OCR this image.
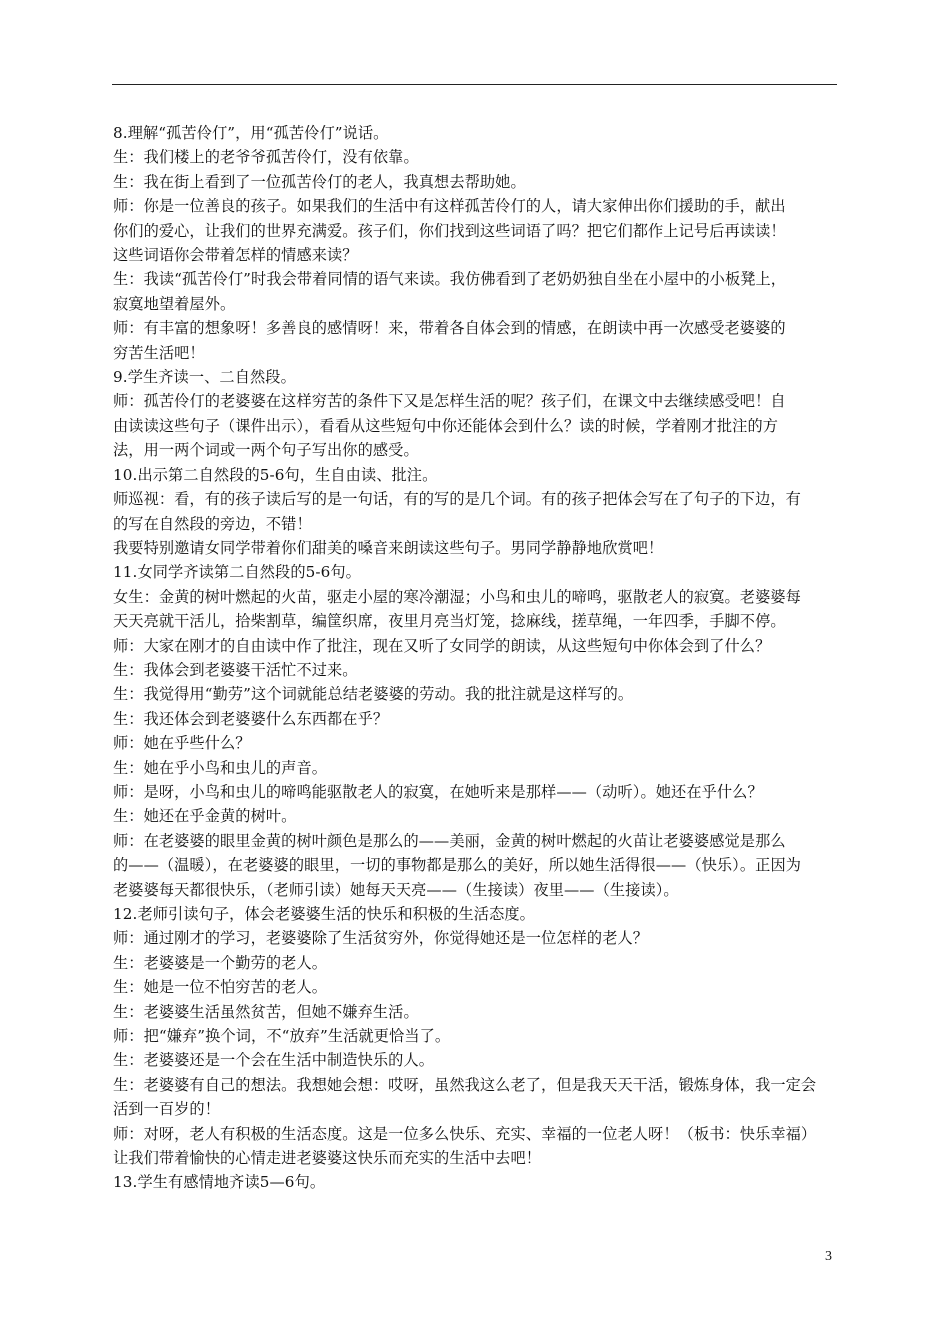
8.理解“孤苦伶仃”，用“孤苦伶仃”说话。
生：我们楼上的老爷爷孤苦伶仃，没有依靠。
生：我在街上看到了一位孤苦伶仃的老人，我真想去帮助她。
师：你是一位善良的孩子。如果我们的生活中有这样孤苦伶仃的人，请大家伸出你们援助的手，献出
你们的爱心，让我们的世界充满爱。孩子们，你们找到这些词语了吗？把它们都作上记号后再读读！
这些词语你会带着怎样的情感来读？
生：我读“孤苦伶仃”时我会带着同情的语气来读。我仿佛看到了老奶奶独自坐在小屋中的小板凳上，
寂寞地望着屋外。
师：有丰富的想象呀！多善良的感情呀！来，带着各自体会到的情感，在朗读中再一次感受老婆婆的
穷苦生活吧！
9.学生齐读一、二自然段。
师：孤苦伶仃的老婆婆在这样穷苦的条件下又是怎样生活的呢？孩子们，在课文中去继续感受吧！自
由读读这些句子（课件出示），看看从这些短句中你还能体会到什么？读的时候，学着刚才批注的方
法，用一两个词或一两个句子写出你的感受。
10.出示第二自然段的5-6句，生自由读、批注。
师巡视：看，有的孩子读后写的是一句话，有的写的是几个词。有的孩子把体会写在了句子的下边，有
的写在自然段的旁边，不错！
我要特别邀请女同学带着你们甜美的嗓音来朗读这些句子。男同学静静地欣赏吧！
11.女同学齐读第二自然段的5-6句。
女生：金黄的树叶燃起的火苗，驱走小屋的寒冷潮湿；小鸟和虫儿的啼鸣，驱散老人的寂寞。老婆婆每
天天亮就干活儿，拾柴割草，编筐织席，夜里月亮当灯笼，捻麻线，搓草绳，一年四季，手脚不停。
师：大家在刚才的自由读中作了批注，现在又听了女同学的朗读，从这些短句中你体会到了什么？
生：我体会到老婆婆干活忙不过来。
生：我觉得用“勤劳”这个词就能总结老婆婆的劳动。我的批注就是这样写的。
生：我还体会到老婆婆什么东西都在乎？
师：她在乎些什么？
生：她在乎小鸟和虫儿的声音。
师：是呀，小鸟和虫儿的啼鸣能驱散老人的寂寞，在她听来是那样——（动听）。她还在乎什么？
生：她还在乎金黄的树叶。
师：在老婆婆的眼里金黄的树叶颜色是那么的——美丽，金黄的树叶燃起的火苗让老婆婆感觉是那么
的——（温暖），在老婆婆的眼里，一切的事物都是那么的美好，所以她生活得很——（快乐）。正因为
老婆婆每天都很快乐，（老师引读）她每天天亮——（生接读）夜里——（生接读）。
12.老师引读句子，体会老婆婆生活的快乐和积极的生活态度。
师：通过刚才的学习，老婆婆除了生活贫穷外，你觉得她还是一位怎样的老人？
生：老婆婆是一个勤劳的老人。
生：她是一位不怕穷苦的老人。
生：老婆婆生活虽然贫苦，但她不嫌弃生活。
师：把“嫌弃”换个词，不“放弃”生活就更恰当了。
生：老婆婆还是一个会在生活中制造快乐的人。
生：老婆婆有自己的想法。我想她会想：哎呀，虽然我这么老了，但是我天天干活，锻炼身体，我一定会
活到一百岁的！
师：对呀，老人有积极的生活态度。这是一位多么快乐、充实、幸福的一位老人呀！（板书：快乐幸福）
让我们带着愉快的心情走进老婆婆这快乐而充实的生活中去吧！
13.学生有感情地齐读5—6句。
3
